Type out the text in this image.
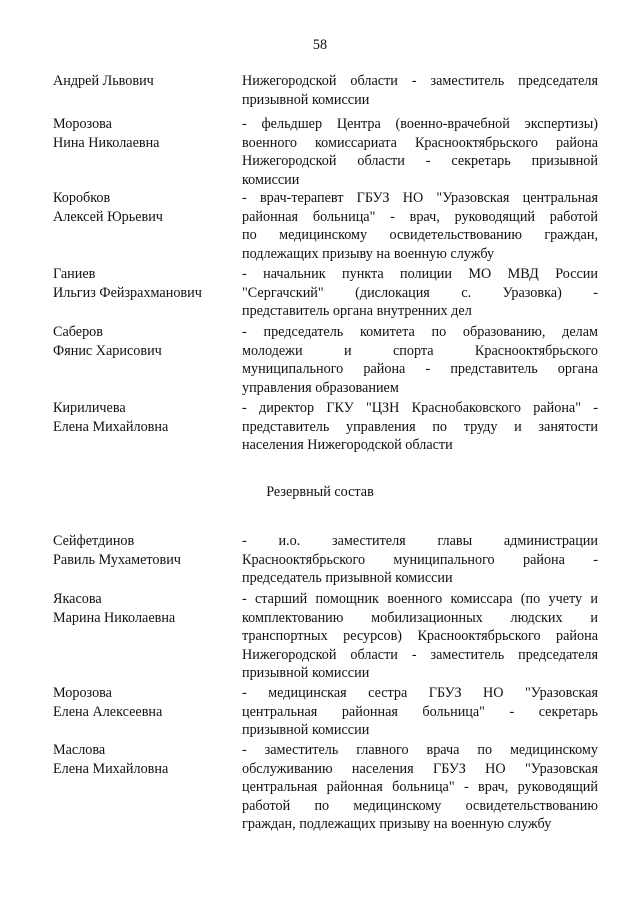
58
Андрей Львович	Нижегородской области - заместитель председателя
призывной комиссии
Морозова
Нина Николаевна
- фельдшер Центра (военно-врачебной экспертизы)
военного комиссариата Краснооктябрьского района
Нижегородской области - секретарь призывной
комиссии
Коробков
Алексей Юрьевич
- врач-терапевт ГБУЗ НО "Уразовская центральная
районная больница" - врач, руководящий работой
по медицинскому освидетельствованию граждан,
подлежащих призыву на военную службу
Ганиев
Ильгиз Фейзрахманович
- начальник пункта полиции МО МВД России
"Сергачский" (дислокация с. Уразовка) -
представитель органа внутренних дел
Саберов
Фянис Харисович
- председатель комитета по образованию, делам
молодежи и спорта Краснооктябрьского
муниципального района - представитель органа
управления образованием
Кириличева
Елена Михайловна
- директор ГКУ "ЦЗН Краснобаковского района" -
представитель управления по труду и занятости
населения Нижегородской области
Резервный состав
Сейфетдинов
Равиль Мухаметович
- и.о. заместителя главы администрации
Краснооктябрьского муниципального района -
председатель призывной комиссии
Якасова
Марина Николаевна
- старший помощник военного комиссара (по учету и
комплектованию мобилизационных людских и
транспортных ресурсов) Краснооктябрьского района
Нижегородской области - заместитель председателя
призывной комиссии
Морозова
Елена Алексеевна
- медицинская сестра ГБУЗ НО "Уразовская
центральная районная больница" - секретарь
призывной комиссии
Маслова
Елена Михайловна
- заместитель главного врача по медицинскому
обслуживанию населения ГБУЗ НО "Уразовская
центральная районная больница" - врач, руководящий
работой по медицинскому освидетельствованию
граждан, подлежащих призыву на военную службу
